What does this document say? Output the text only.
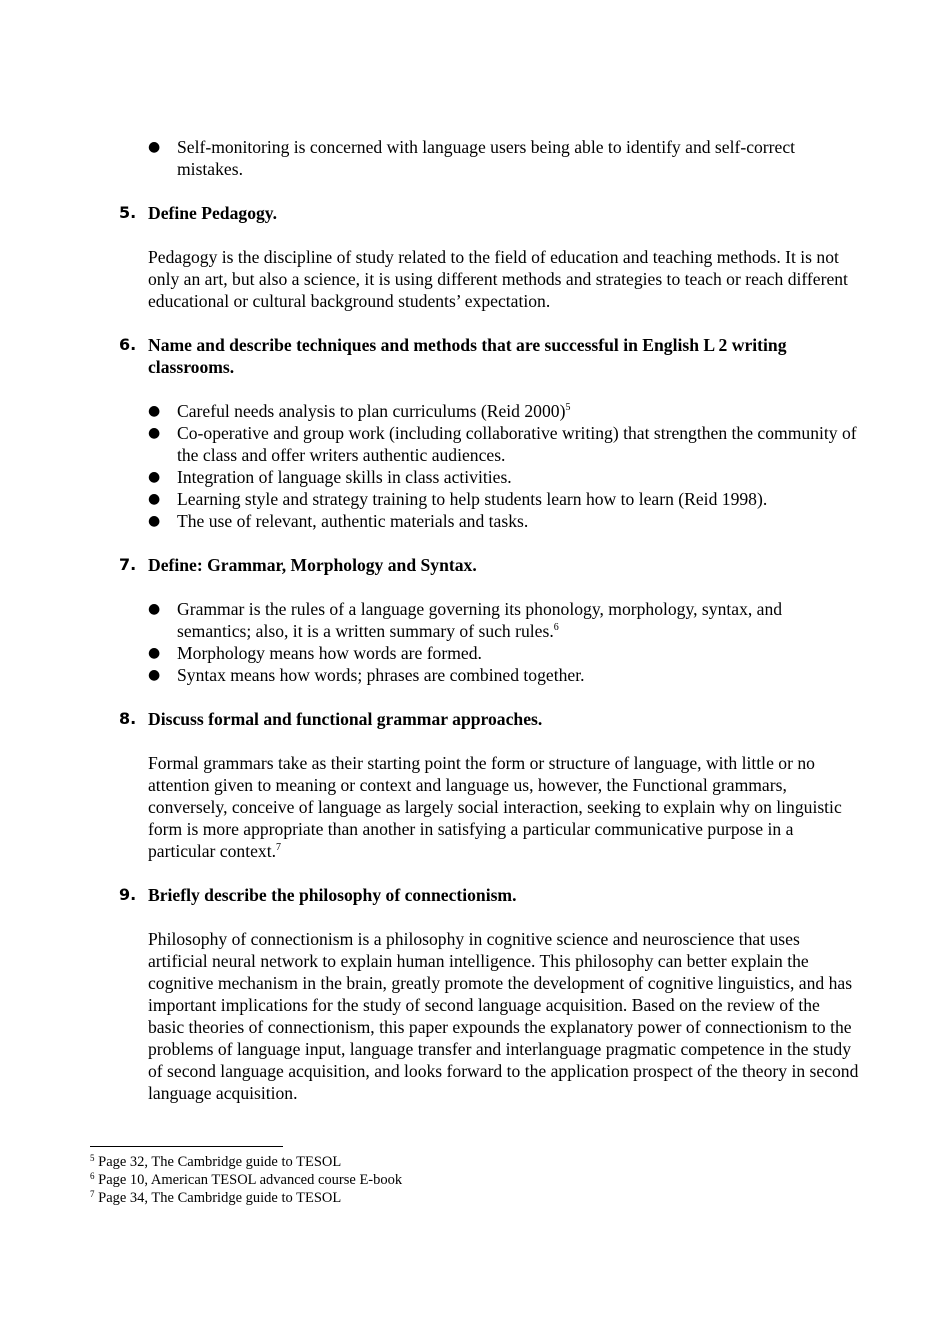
● Self-monitoring is concerned with language users being able to identify and self-correct mistakes.
5. Define Pedagogy.

Pedagogy is the discipline of study related to the field of education and teaching methods. It is not only an art, but also a science, it is using different methods and strategies to teach or reach different educational or cultural background students’ expectation.

6. Name and describe techniques and methods that are successful in English L 2 writing classrooms.
● Careful needs analysis to plan curriculums (Reid 2000)$^5$
● Co-operative and group work (including collaborative writing) that strengthen the community of the class and offer writers authentic audiences.
● Integration of language skills in class activities.
● Learning style and strategy training to help students learn how to learn (Reid 1998).
● The use of relevant, authentic materials and tasks.
7. Define: Grammar, Morphology and Syntax.
● Grammar is the rules of a language governing its phonology, morphology, syntax, and semantics; also, it is a written summary of such rules.$^6$
● Morphology means how words are formed.
● Syntax means how words; phrases are combined together.
8. Discuss formal and functional grammar approaches.

Formal grammars take as their starting point the form or structure of language, with little or no attention given to meaning or context and language us, however, the Functional grammars, conversely, conceive of language as largely social interaction, seeking to explain why on linguistic form is more appropriate than another in satisfying a particular communicative purpose in a particular context.$^7$

9. Briefly describe the philosophy of connectionism.

Philosophy of connectionism is a philosophy in cognitive science and neuroscience that uses artificial neural network to explain human intelligence. This philosophy can better explain the cognitive mechanism in the brain, greatly promote the development of cognitive linguistics, and has important implications for the study of second language acquisition. Based on the review of the basic theories of connectionism, this paper expounds the explanatory power of connectionism to the problems of language input, language transfer and interlanguage pragmatic competence in the study of second language acquisition, and looks forward to the application prospect of the theory in second language acquisition.

$^5$ Page 32, The Cambridge guide to TESOL
$^6$ Page 10, American TESOL advanced course E-book
$^7$ Page 34, The Cambridge guide to TESOL
